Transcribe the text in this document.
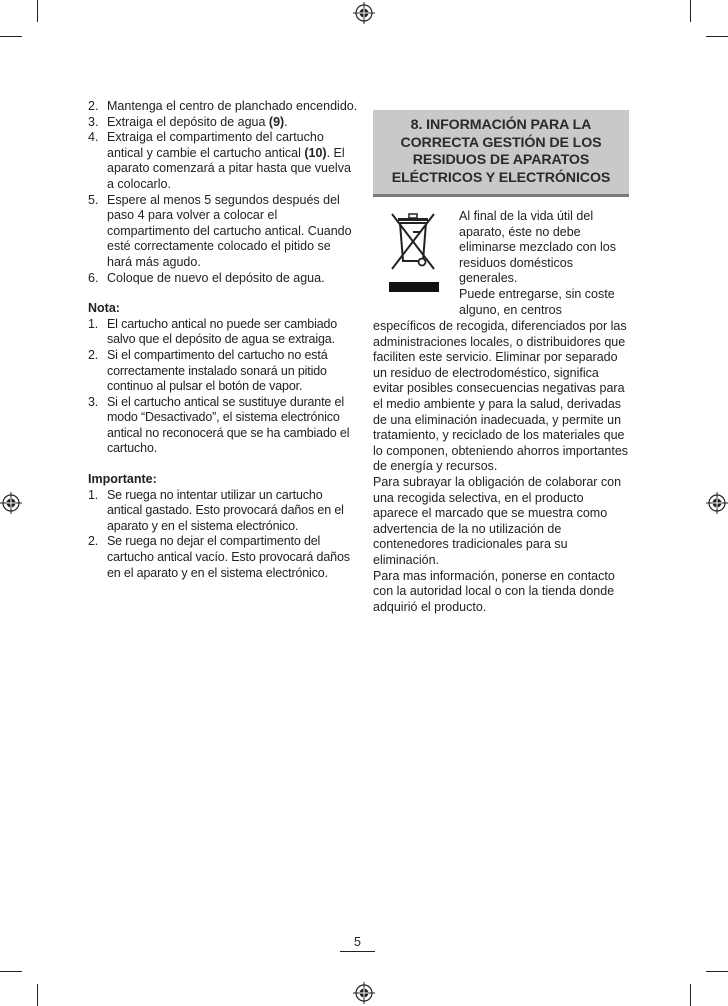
2. Mantenga el centro de planchado encendido.
3. Extraiga el depósito de agua (9).
4. Extraiga el compartimento del cartucho antical y cambie el cartucho antical (10). El aparato comenzará a pitar hasta que vuelva a colocarlo.
5. Espere al menos 5 segundos después del paso 4 para volver a colocar el compartimento del cartucho antical. Cuando esté correctamente colocado el pitido se hará más agudo.
6. Coloque de nuevo el depósito de agua.
Nota:
1. El cartucho antical no puede ser cambiado salvo que el depósito de agua se extraiga.
2. Si el compartimento del cartucho no está correctamente instalado sonará un pitido continuo al pulsar el botón de vapor.
3. Si el cartucho antical se sustituye durante el modo “Desactivado”, el sistema electrónico antical no reconocerá que se ha cambiado el cartucho.
Importante:
1. Se ruega no intentar utilizar un cartucho antical gastado. Esto provocará daños en el aparato y en el sistema electrónico.
2. Se ruega no dejar el compartimento del cartucho antical vacío. Esto provocará daños en el aparato y en el sistema electrónico.
8. INFORMACIÓN PARA LA
CORRECTA GESTIÓN DE LOS
RESIDUOS DE APARATOS
ELÉCTRICOS Y ELECTRÓNICOS

Al final de la vida útil del aparato, éste no debe eliminarse mezclado con los residuos domésticos generales.

Puede entregarse, sin coste alguno, en centros

específicos de recogida, diferenciados por las administraciones locales, o distribuidores que faciliten este servicio. Eliminar por separado un residuo de electrodoméstico, significa evitar posibles consecuencias negativas para el medio ambiente y para la salud, derivadas de una eliminación inadecuada, y permite un tratamiento, y reciclado de los materiales que lo componen, obteniendo ahorros importantes de energía y recursos.

Para subrayar la obligación de colaborar con una recogida selectiva, en el producto aparece el marcado que se muestra como advertencia de la no utilización de contenedores tradicionales para su eliminación.

Para mas información, ponerse en contacto con la autoridad local o con la tienda donde adquirió el producto.

5
